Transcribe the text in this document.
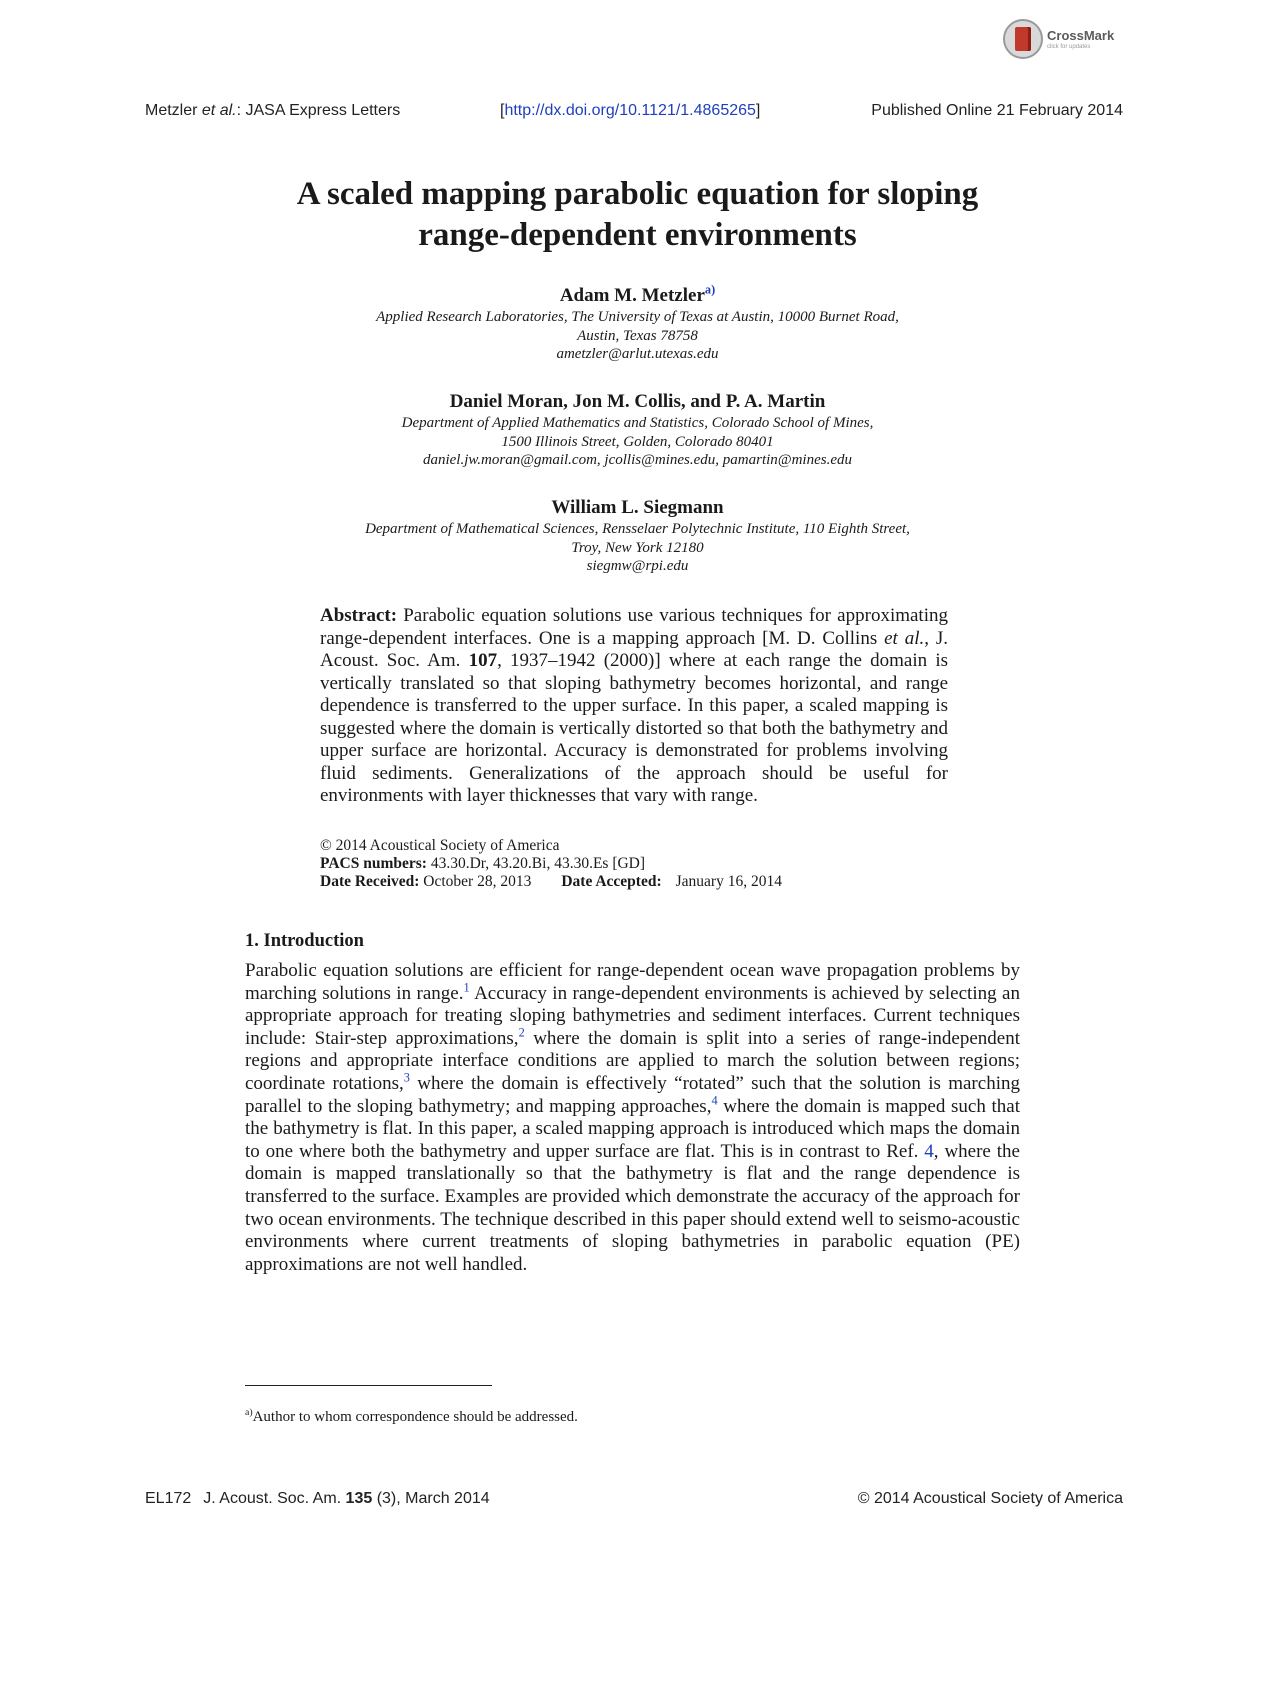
CrossMark
click for updates
Metzler et al.: JASA Express Letters	[http://dx.doi.org/10.1121/1.4865265]	Published Online 21 February 2014
A scaled mapping parabolic equation for sloping
range-dependent environments
Adam M. Metzler$^{a)}$
Applied Research Laboratories, The University of Texas at Austin, 10000 Burnet Road,
Austin, Texas 78758
ametzler@arlut.utexas.edu
Daniel Moran, Jon M. Collis, and P. A. Martin
Department of Applied Mathematics and Statistics, Colorado School of Mines,
1500 Illinois Street, Golden, Colorado 80401
daniel.jw.moran@gmail.com, jcollis@mines.edu, pamartin@mines.edu
William L. Siegmann
Department of Mathematical Sciences, Rensselaer Polytechnic Institute, 110 Eighth Street,
Troy, New York 12180
siegmw@rpi.edu
Abstract: Parabolic equation solutions use various techniques for approximating range-dependent interfaces. One is a mapping approach [M. D. Collins et al., J. Acoust. Soc. Am. 107, 1937–1942 (2000)] where at each range the domain is vertically translated so that sloping bathymetry becomes horizontal, and range dependence is transferred to the upper surface. In this paper, a scaled mapping is suggested where the domain is vertically distorted so that both the bathymetry and upper surface are horizontal. Accuracy is demonstrated for problems involving fluid sediments. Generalizations of the approach should be useful for environments with layer thicknesses that vary with range.
© 2014 Acoustical Society of America
PACS numbers: 43.30.Dr, 43.20.Bi, 43.30.Es [GD]
Date Received: October 28, 2013 Date Accepted: January 16, 2014
1. Introduction
Parabolic equation solutions are efficient for range-dependent ocean wave propagation problems by marching solutions in range.$^1$ Accuracy in range-dependent environments is achieved by selecting an appropriate approach for treating sloping bathymetries and sediment interfaces. Current techniques include: Stair-step approximations,$^2$ where the domain is split into a series of range-independent regions and appropriate interface conditions are applied to march the solution between regions; coordinate rotations,$^3$ where the domain is effectively “rotated” such that the solution is marching parallel to the sloping bathymetry; and mapping approaches,$^4$ where the domain is mapped such that the bathymetry is flat. In this paper, a scaled mapping approach is introduced which maps the domain to one where both the bathymetry and upper surface are flat. This is in contrast to Ref. 4, where the domain is mapped translationally so that the bathymetry is flat and the range dependence is transferred to the surface. Examples are provided which demonstrate the accuracy of the approach for two ocean environments. The technique described in this paper should extend well to seismo-acoustic environments where current treatments of sloping bathymetries in parabolic equation (PE) approximations are not well handled.
$^{a)}$Author to whom correspondence should be addressed.
EL172 J. Acoust. Soc. Am. 135 (3), March 2014	© 2014 Acoustical Society of America
